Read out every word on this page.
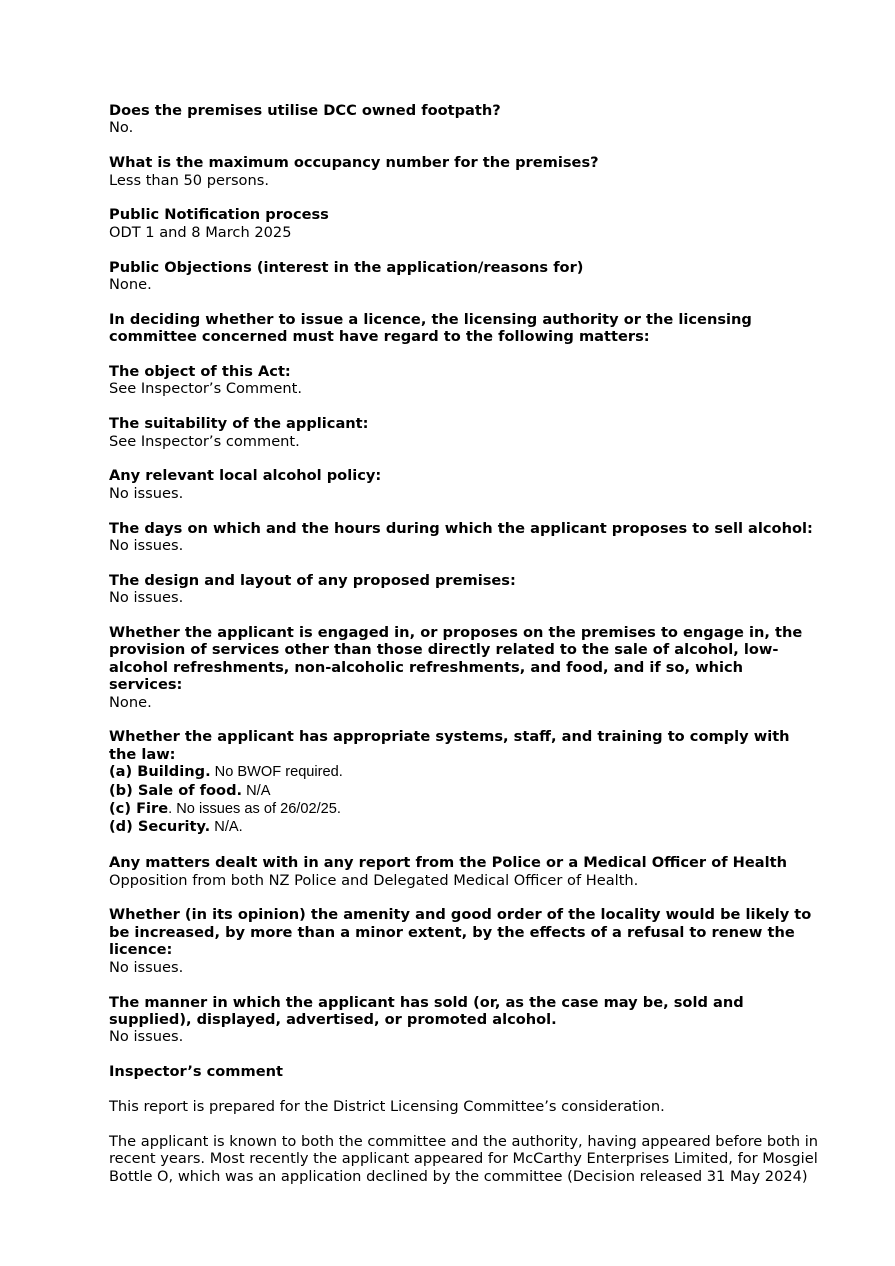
Does the premises utilise DCC owned footpath?
No.
What is the maximum occupancy number for the premises?
Less than 50 persons.
Public Notification process
ODT 1 and 8 March 2025
Public Objections (interest in the application/reasons for)
None.
In deciding whether to issue a licence, the licensing authority or the licensing committee concerned must have regard to the following matters:
The object of this Act:
See Inspector’s Comment.
The suitability of the applicant:
See Inspector’s comment.
Any relevant local alcohol policy:
No issues.
The days on which and the hours during which the applicant proposes to sell alcohol:
No issues.
The design and layout of any proposed premises:
No issues.
Whether the applicant is engaged in, or proposes on the premises to engage in, the provision of services other than those directly related to the sale of alcohol, low-alcohol refreshments, non-alcoholic refreshments, and food, and if so, which services:
None.
Whether the applicant has appropriate systems, staff, and training to comply with the law:
(a) Building. No BWOF required.
(b) Sale of food. N/A
(c) Fire. No issues as of 26/02/25.
(d) Security. N/A.
Any matters dealt with in any report from the Police or a Medical Officer of Health
Opposition from both NZ Police and Delegated Medical Officer of Health.
Whether (in its opinion) the amenity and good order of the locality would be likely to be increased, by more than a minor extent, by the effects of a refusal to renew the licence:
No issues.
The manner in which the applicant has sold (or, as the case may be, sold and supplied), displayed, advertised, or promoted alcohol.
No issues.
Inspector’s comment
This report is prepared for the District Licensing Committee’s consideration.
The applicant is known to both the committee and the authority, having appeared before both in recent years. Most recently the applicant appeared for McCarthy Enterprises Limited, for Mosgiel Bottle O, which was an application declined by the committee (Decision released 31 May 2024)
